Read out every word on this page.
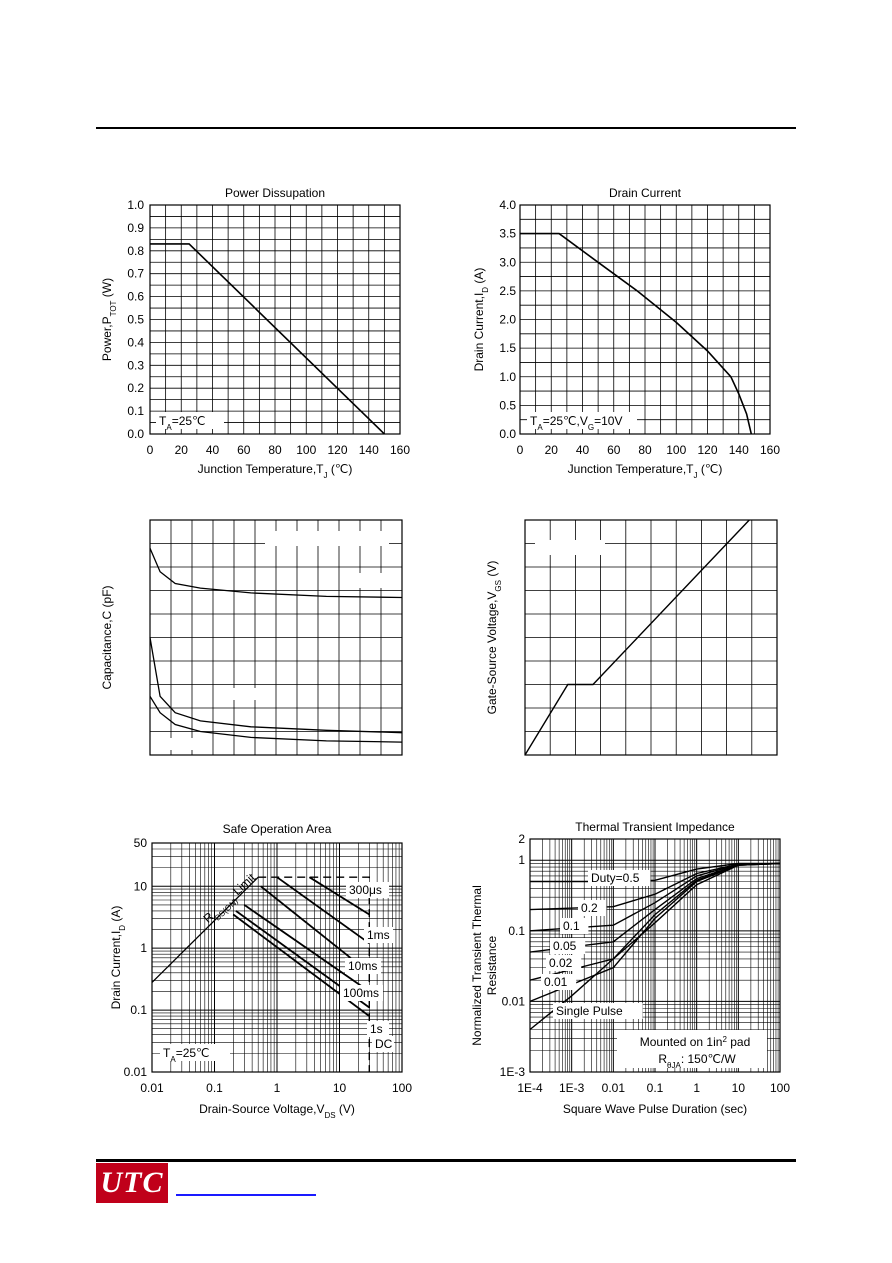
Power Dissupation
0 20 40 60 80 100 120 140 160
0.0
0.1
0.2
0.3
0.4
0.5
0.6
0.7
0.8
0.9
1.0
Junction $Temperature,T_J$ (℃)
$Power,P_{TOT}$ (W)
$T_A=25℃$
Drain Current
0 20 40 60 80 100 120 140 160
0.0
0.5
1.0
1.5
2.0
2.5
3.0
3.5
4.0
Junction $Temperature,T_J$ (℃)
Drain $Current,I_D$ (A)
$T_A=25℃,V_G=10V$
Capacitance,C (pF)	Gate-Source $Voltage,V_{GS}$ (V)
Safe Operation Area
0.01	0.1	1	10	100
0.01
0.1
1
10
50
Drain-Source $Voltage,V_{DS}$ (V)
Drain $Current,I_D$ (A)	$R_{DS(ON)}$ Limit	300μs
1ms
10ms
100ms
1s
DC
$T_A=25℃$
Thermal Transient Impedance
1E-4 1E-3 0.01 0.1 1	10 100
1E-3
0.01
0.1
1
2
Square Wave Pulse Duration (sec)
Normalized Transient Thermal Resistance
Duty=0.5
0.2
0.1
0.05
0.02
0.01
Single Pulse
Mounted on $1in^2$ pad
$R_{\theta JA}$: 150℃/W
UTC
